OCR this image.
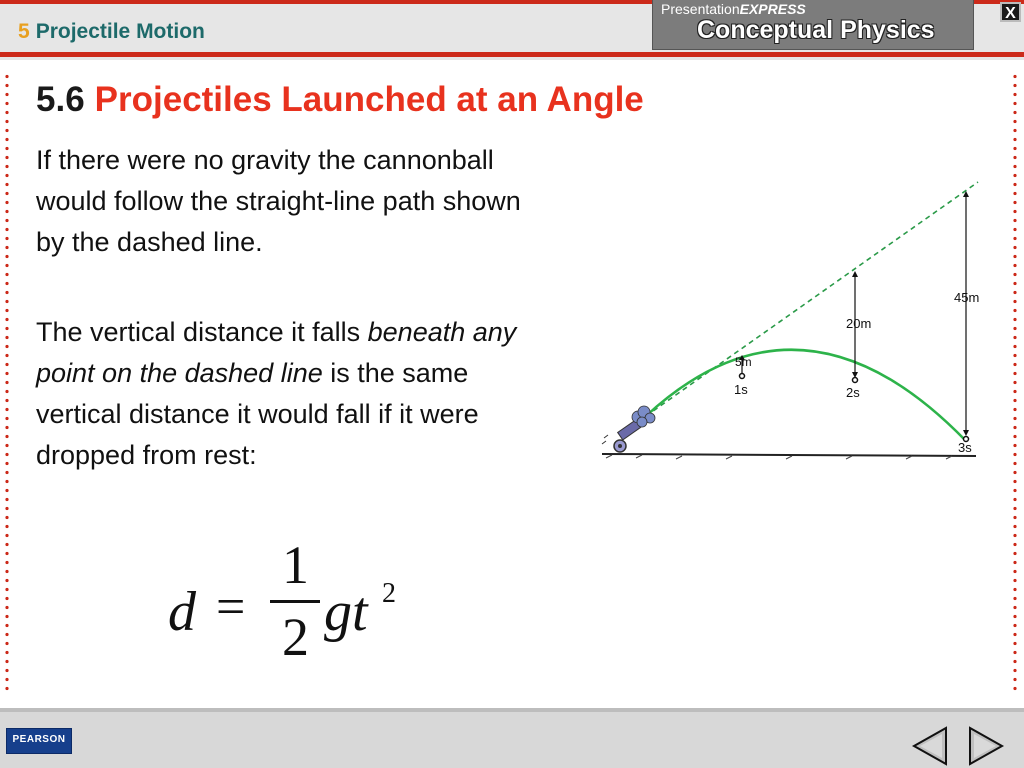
5 Projectile Motion
PresentationEXPRESS
Conceptual Physics
X
5.6 Projectiles Launched at an Angle
If there were no gravity the cannonball would follow the straight-line path shown by the dashed line.
The vertical distance it falls beneath any point on the dashed line is the same vertical distance it would fall if it were dropped from rest:
d =
1
2 gt 2
5m
1s
20m
2s
45m
3s
PEARSON
